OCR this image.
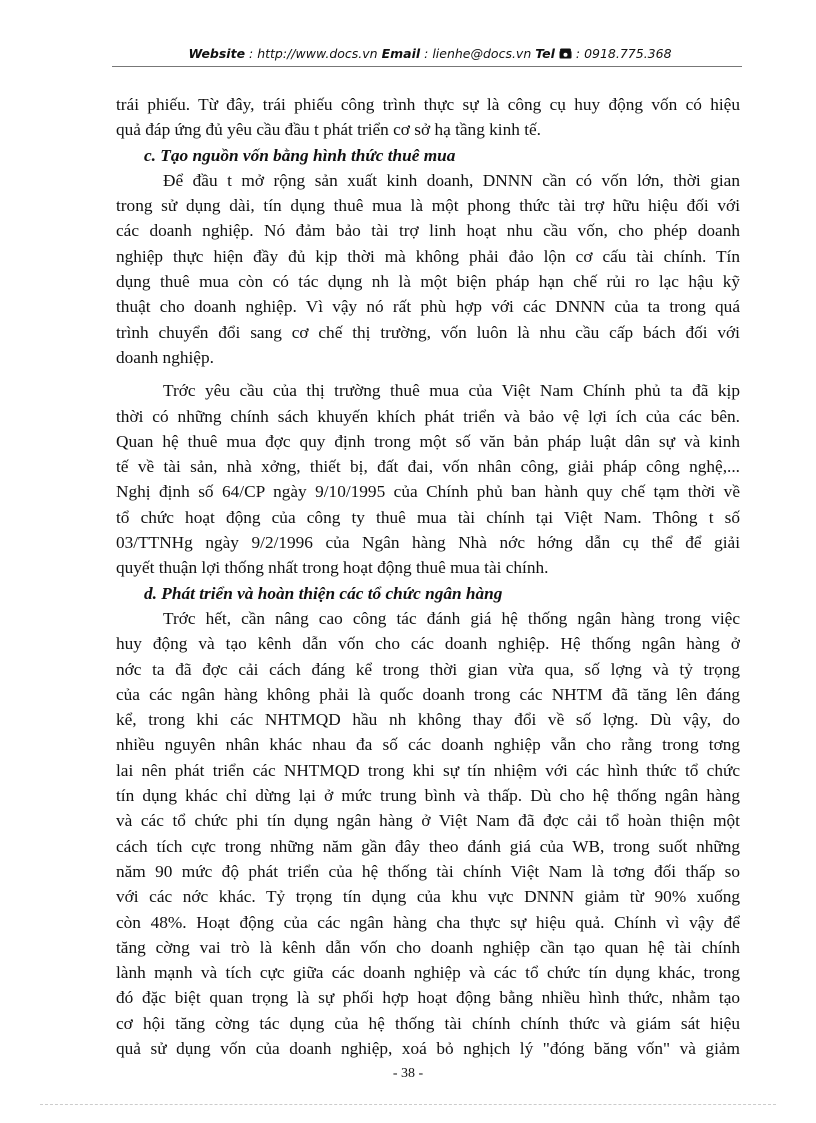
Website : http://www.docs.vn Email : lienhe@docs.vn Tel  : 0918.775.368
trái phiếu. Từ đây, trái phiếu công trình thực sự là công cụ huy động vốn có hiệu
quả đáp ứng đủ yêu cầu đầu t phát triển cơ sở hạ tầng kinh tế.
c. Tạo nguồn vốn bằng hình thức thuê mua
Để đầu t mở rộng sản xuất kinh doanh, DNNN cần có vốn lớn, thời gian
trong sử dụng dài, tín dụng thuê mua là một phong thức tài trợ hữu hiệu đối với
các doanh nghiệp. Nó đảm bảo tài trợ linh hoạt nhu cầu vốn, cho phép doanh
nghiệp thực hiện đầy đủ kịp thời mà không phải đảo lộn cơ cấu tài chính. Tín
dụng thuê mua còn có tác dụng nh là một biện pháp hạn chế rủi ro lạc hậu kỹ
thuật cho doanh nghiệp. Vì vậy nó rất phù hợp với các DNNN của ta trong quá
trình chuyển đổi sang cơ chế thị trường, vốn luôn là nhu cầu cấp bách đối với
doanh nghiệp.
Trớc yêu cầu của thị trường thuê mua của Việt Nam Chính phủ ta đã kịp
thời có những chính sách khuyến khích phát triển và bảo vệ lợi ích của các bên.
Quan hệ thuê mua đợc quy định trong một số văn bản pháp luật dân sự và kinh
tế về tài sản, nhà xởng, thiết bị, đất đai, vốn nhân công, giải pháp công nghệ,...
Nghị định số 64/CP ngày 9/10/1995 của Chính phủ ban hành quy chế tạm thời về
tổ chức hoạt động của công ty thuê mua tài chính tại Việt Nam. Thông t số
03/TTNHg ngày 9/2/1996 của Ngân hàng Nhà nớc hớng dẫn cụ thể để giải
quyết thuận lợi thống nhất trong hoạt động thuê mua tài chính.
d. Phát triển và hoàn thiện các tổ chức ngân hàng
Trớc hết, cần nâng cao công tác đánh giá hệ thống ngân hàng trong việc
huy động và tạo kênh dẫn vốn cho các doanh nghiệp. Hệ thống ngân hàng ở
nớc ta đã đợc cải cách đáng kể trong thời gian vừa qua, số lợng và tỷ trọng
của các ngân hàng không phải là quốc doanh trong các NHTM đã tăng lên đáng
kể, trong khi các NHTMQD hầu nh không thay đổi về số lợng. Dù vậy, do
nhiều nguyên nhân khác nhau đa số các doanh nghiệp vẫn cho rằng trong tơng
lai nên phát triển các NHTMQD trong khi sự tín nhiệm với các hình thức tổ chức
tín dụng khác chỉ dừng lại ở mức trung bình và thấp. Dù cho hệ thống ngân hàng
và các tổ chức phi tín dụng ngân hàng ở Việt Nam đã đợc cải tổ hoàn thiện một
cách tích cực trong những năm gần đây theo đánh giá của WB, trong suốt những
năm 90 mức độ phát triển của hệ thống tài chính Việt Nam là tơng đối thấp so
với các nớc khác. Tỷ trọng tín dụng của khu vực DNNN giảm từ 90% xuống
còn 48%. Hoạt động của các ngân hàng cha thực sự hiệu quả. Chính vì vậy để
tăng cờng vai trò là kênh dẫn vốn cho doanh nghiệp cần tạo quan hệ tài chính
lành mạnh và tích cực giữa các doanh nghiệp và các tổ chức tín dụng khác, trong
đó đặc biệt quan trọng là sự phối hợp hoạt động bằng nhiều hình thức, nhằm tạo
cơ hội tăng cờng tác dụng của hệ thống tài chính chính thức và giám sát hiệu
quả sử dụng vốn của doanh nghiệp, xoá bỏ nghịch lý "đóng băng vốn" và giảm
- 38 -
